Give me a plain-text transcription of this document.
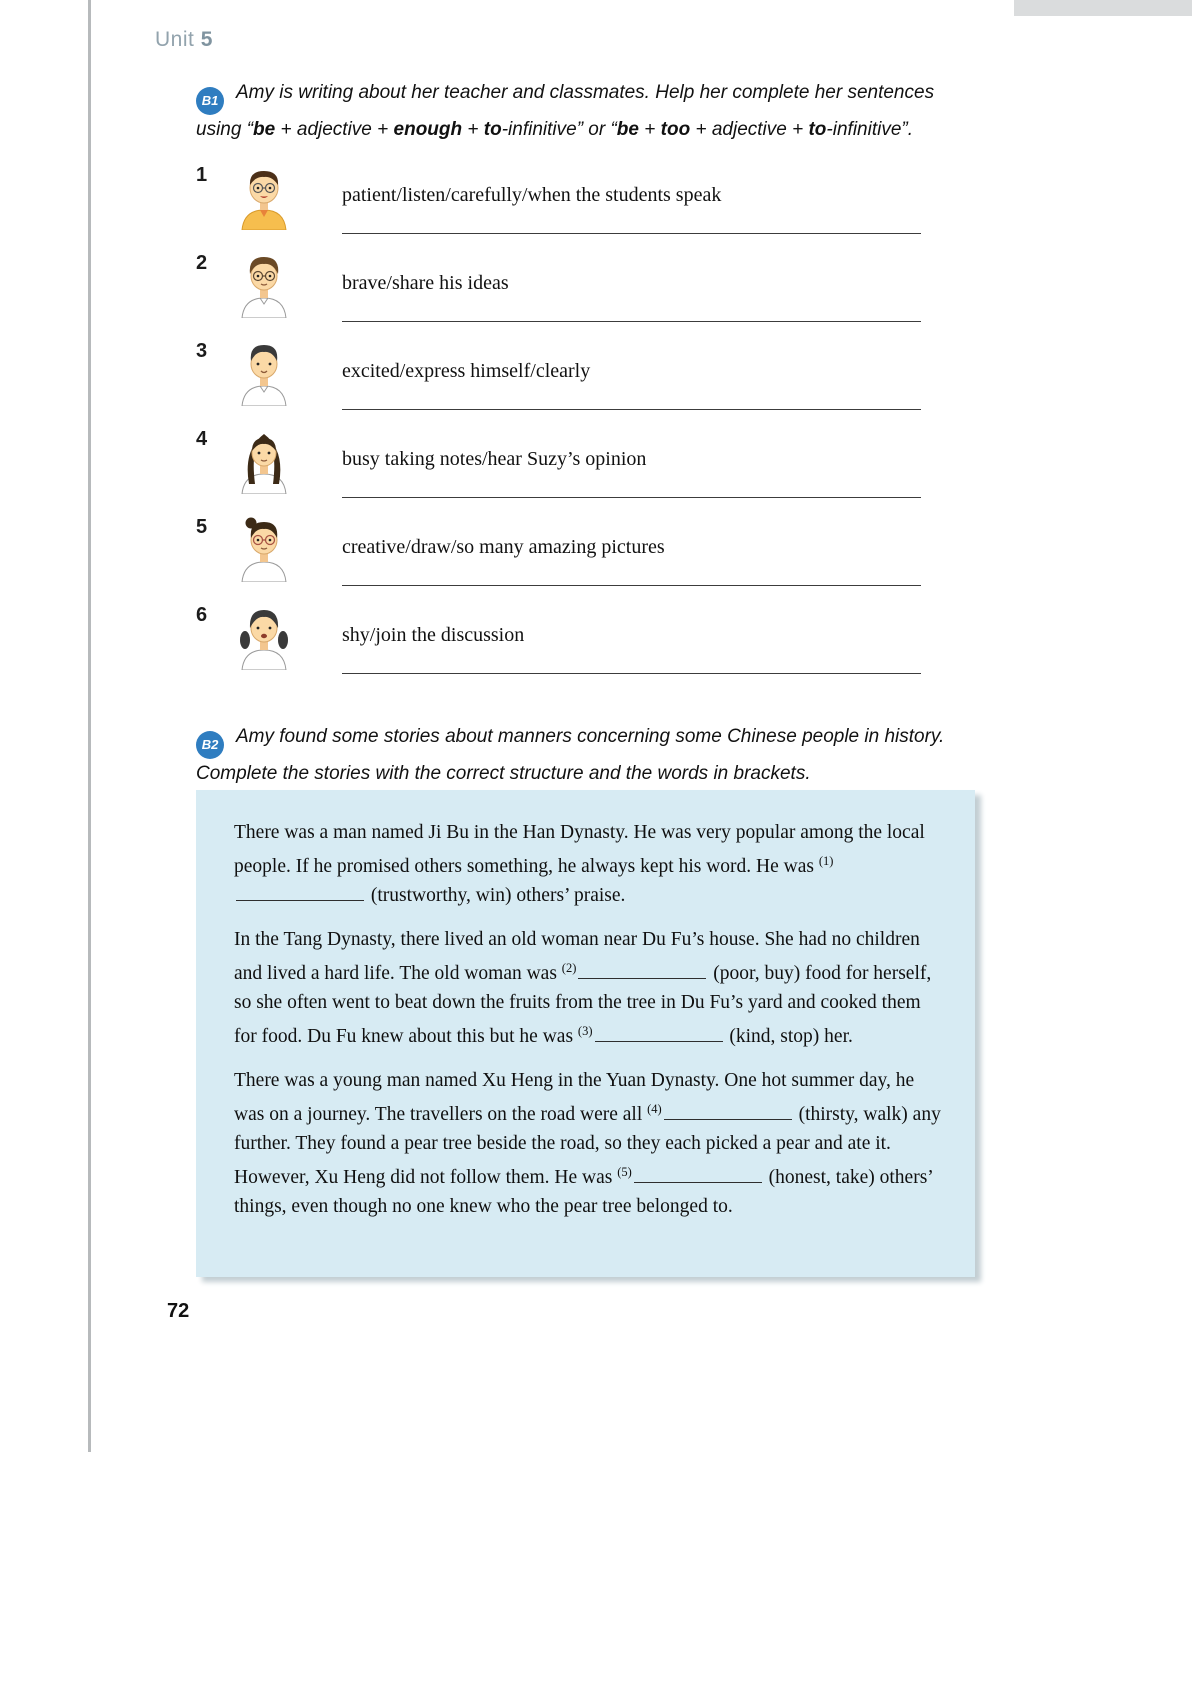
Unit 5
B1 Amy is writing about her teacher and classmates. Help her complete her sentences
using “be + adjective + enough + to-infinitive” or “be + too + adjective + to-infinitive”.
1
patient/listen/carefully/when the students speak
2
brave/share his ideas
3
excited/express himself/clearly
4
busy taking notes/hear Suzy’s opinion
5
creative/draw/so many amazing pictures
6
shy/join the discussion
B2 Amy found some stories about manners concerning some Chinese people in history.
Complete the stories with the correct structure and the words in brackets.

There was a man named Ji Bu in the Han Dynasty. He was very popular among the local people. If he promised others something, he always kept his word. He was $^{(1)}$ (trustworthy, win) others’ praise.

In the Tang Dynasty, there lived an old woman near Du Fu’s house. She had no children and lived a hard life. The old woman was $^{(2)}$	(poor, buy) food for herself, so she often went to beat down the fruits from the tree in Du Fu’s yard and cooked them for food. Du Fu knew about this but he was $^{(3)}$	(kind, stop) her.

There was a young man named Xu Heng in the Yuan Dynasty. One hot summer day, he was on a journey. The travellers on the road were all $^{(4)}$	(thirsty, walk) any further. They found a pear tree beside the road, so they each picked a pear and ate it. However, Xu Heng did not follow them. He was $^{(5)}$	(honest, take) others’ things, even though no one knew who the pear tree belonged to.

72
